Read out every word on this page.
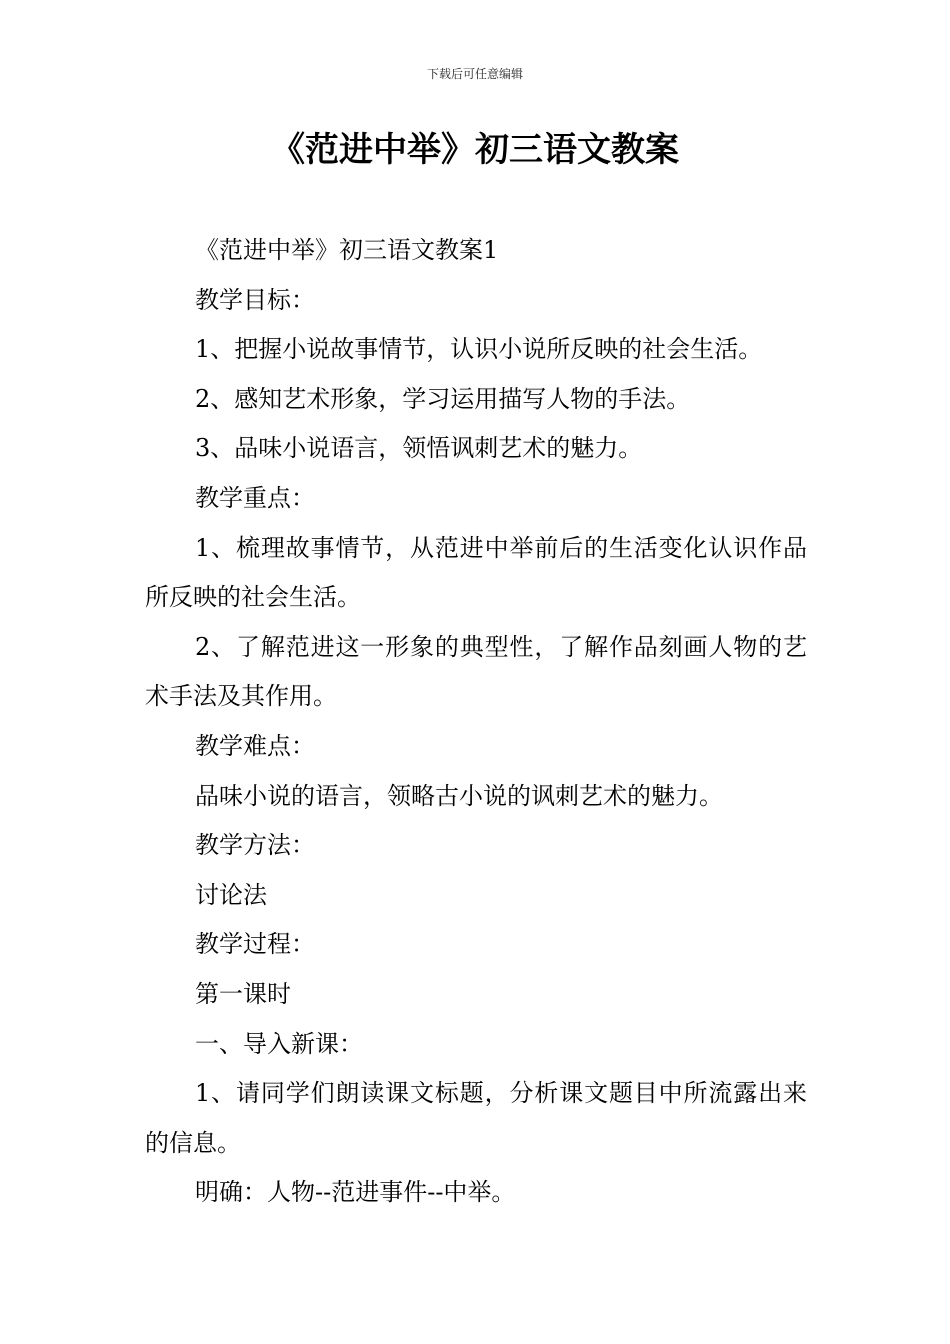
下载后可任意编辑
《范进中举》初三语文教案

《范进中举》初三语文教案1

教学目标：

1、把握小说故事情节，认识小说所反映的社会生活。

2、感知艺术形象，学习运用描写人物的手法。

3、品味小说语言，领悟讽刺艺术的魅力。

教学重点：

1、梳理故事情节，从范进中举前后的生活变化认识作品所反映的社会生活。

2、了解范进这一形象的典型性，了解作品刻画人物的艺术手法及其作用。

教学难点：

品味小说的语言，领略古小说的讽刺艺术的魅力。

教学方法：

讨论法

教学过程：

第一课时

一、导入新课：

1、请同学们朗读课文标题，分析课文题目中所流露出来的信息。

明确：人物--范进事件--中举。
